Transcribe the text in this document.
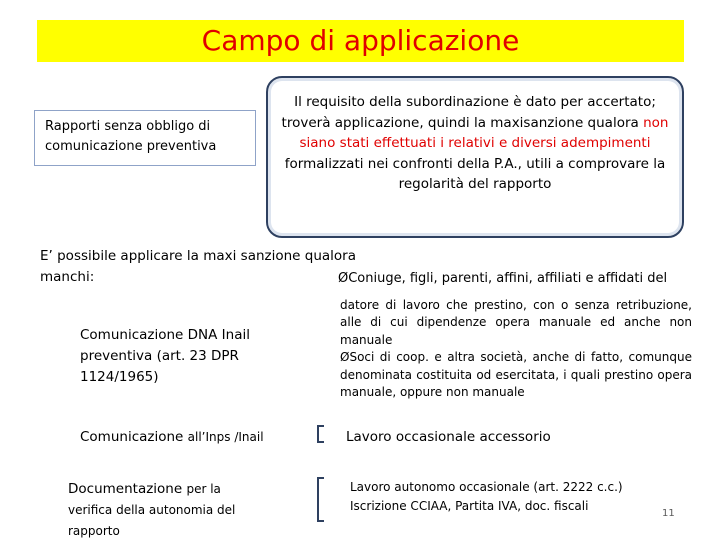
Campo di applicazione
Rapporti senza obbligo di comunicazione preventiva
Il requisito della subordinazione è dato per accertato; troverà applicazione, quindi la maxisanzione qualora non siano stati effettuati i relativi e diversi adempimenti formalizzati nei confronti della P.A., utili a comprovare la regolarità del rapporto
E’ possibile applicare la maxi sanzione qualora manchi:
Comunicazione DNA Inail preventiva (art. 23 DPR 1124/1965)
Comunicazione all’Inps /Inail
Documentazione per la verifica della autonomia del rapporto
ØConiuge, figli, parenti, affini, affiliati e affidati del
datore di lavoro che prestino, con o senza retribuzione, alle di cui dipendenze opera manuale ed anche non manuale
ØSoci di coop. e altra società, anche di fatto, comunque denominata costituita od esercitata, i quali prestino opera manuale, oppure non manuale
Lavoro occasionale accessorio
Lavoro autonomo occasionale (art. 2222 c.c.)
Iscrizione CCIAA, Partita IVA, doc. fiscali
11
